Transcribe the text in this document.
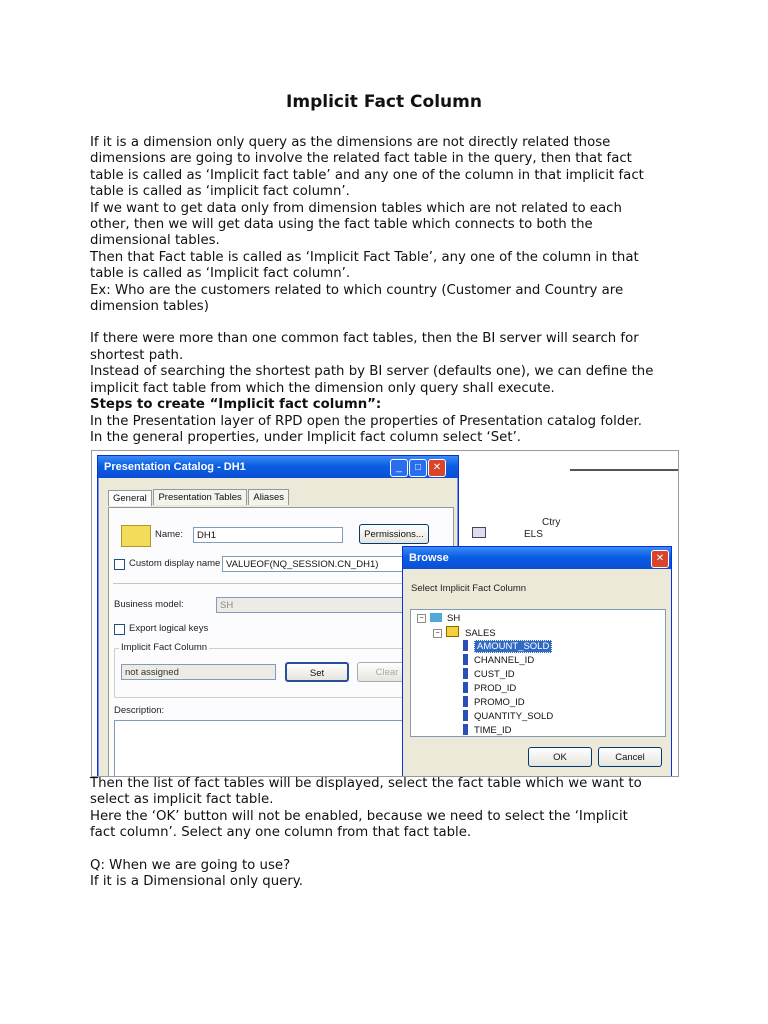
Implicit Fact Column

If it is a dimension only query as the dimensions are not directly related those

dimensions are going to involve the related fact table in the query, then that fact

table is called as ‘Implicit fact table’ and any one of the column in that implicit fact

table is called as ‘implicit fact column’.

If we want to get data only from dimension tables which are not related to each

other, then we will get data using the fact table which connects to both the

dimensional tables.

Then that Fact table is called as ‘Implicit Fact Table’, any one of the column in that

table is called as ‘Implicit fact column’.

Ex: Who are the customers related to which country (Customer and Country are

dimension tables)

If there were more than one common fact tables, then the BI server will search for

shortest path.

Instead of searching the shortest path by BI server (defaults one), we can define the

implicit fact table from which the dimension only query shall execute.

Steps to create “Implicit fact column”:

In the Presentation layer of RPD open the properties of Presentation catalog folder.

In the general properties, under Implicit fact column select ‘Set’.

Ctry
ELS
Presentation Catalog - DH1	_	□	✕
General Presentation Tables Aliases
Name:	DH1	Permissions...
Custom display name VALUEOF(NQ_SESSION.CN_DH1)
Business model:	SH
Export logical keys
Implicit Fact Column
not assigned	Set	Clear
Description:
Browse	✕
Select Implicit Fact Column
− SH
−	SALES
AMOUNT_SOLD
CHANNEL_ID
CUST_ID
PROD_ID
PROMO_ID
QUANTITY_SOLD
TIME_ID
OK	Cancel

Then the list of fact tables will be displayed, select the fact table which we want to

select as implicit fact table.

Here the ‘OK’ button will not be enabled, because we need to select the ‘Implicit

fact column’. Select any one column from that fact table.

Q: When we are going to use?

If it is a Dimensional only query.
